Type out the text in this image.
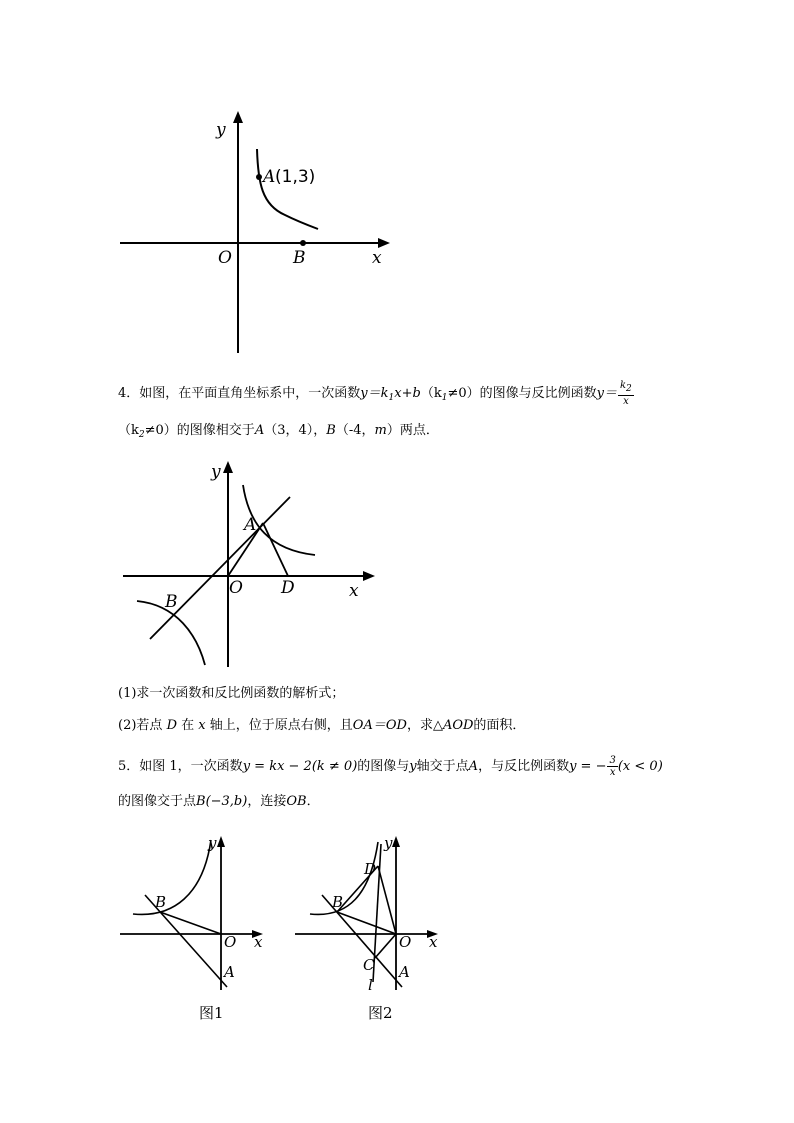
y
x
O
A (1,3)
B
4．如图，在平面直角坐标系中，一次函数$y=k_1x+b(k_1\ne 0)$的图像与反比例函数$y= \frac{k2}{x}$
$(k_2\ne 0)$的图像相交于A（3，4），B（-4，m）两点．
y
x
O
A
B
D
(1)求一次函数和反比例函数的解析式；
(2)若点 D 在 x 轴上，位于原点右侧，且OA＝OD，求△AOD的面积．
5．如图 1，一次函数y = kx − 2(k ≠ 0)的图像与y轴交于点A，与反比例函数y = − $\frac{3}{x} (x < 0)$
的图像交于点B(−3,b)，连接OB．
y
x
O
A
B
图1
y
x
O
A
B
C
D
l
图2
